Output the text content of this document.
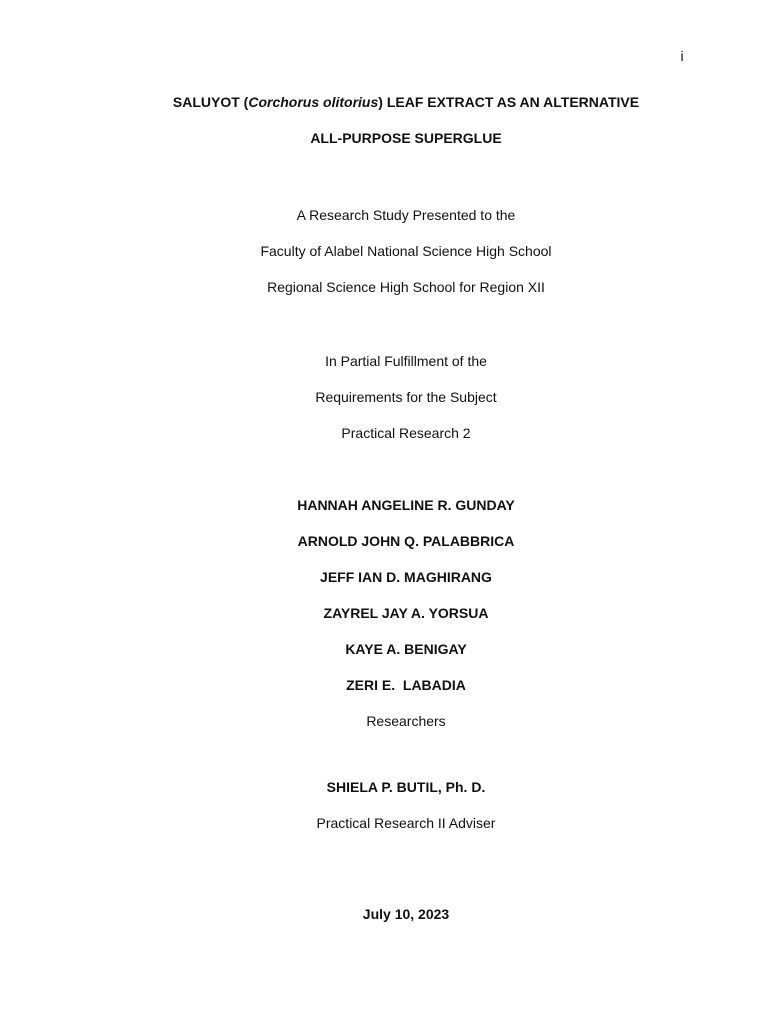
i
SALUYOT (Corchorus olitorius) LEAF EXTRACT AS AN ALTERNATIVE
ALL-PURPOSE SUPERGLUE
A Research Study Presented to the
Faculty of Alabel National Science High School
Regional Science High School for Region XII
In Partial Fulfillment of the
Requirements for the Subject
Practical Research 2
HANNAH ANGELINE R. GUNDAY
ARNOLD JOHN Q. PALABBRICA
JEFF IAN D. MAGHIRANG
ZAYREL JAY A. YORSUA
KAYE A. BENIGAY
ZERI E.  LABADIA
Researchers
SHIELA P. BUTIL, Ph. D.
Practical Research II Adviser
July 10, 2023
